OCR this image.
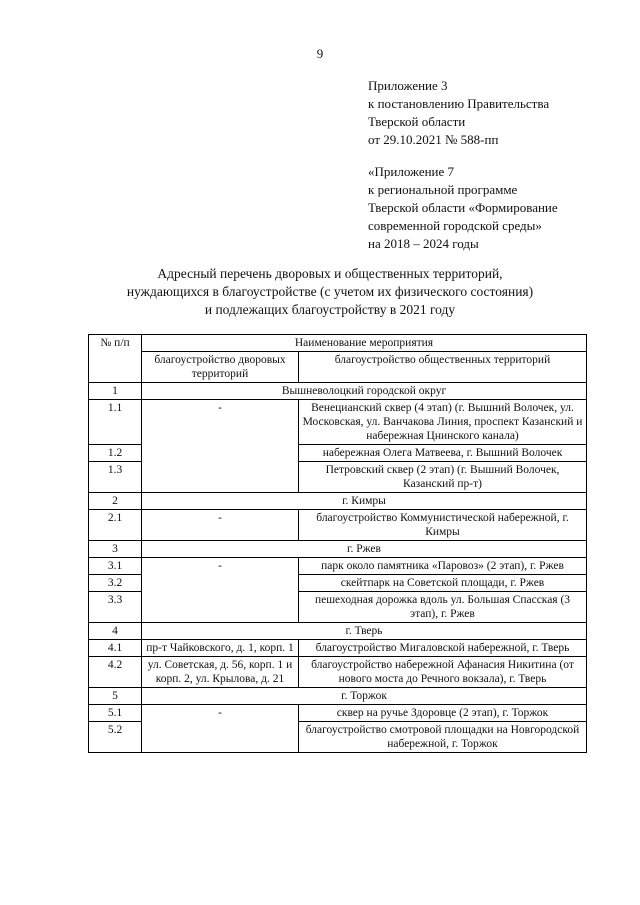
9
Приложение 3
к постановлению Правительства
Тверской области
от 29.10.2021 № 588-пп
«Приложение 7
к региональной программе
Тверской области «Формирование
современной городской среды»
на 2018 – 2024 годы
Адресный перечень дворовых и общественных территорий,
нуждающихся в благоустройстве (с учетом их физического состояния)
и подлежащих благоустройству в 2021 году
№ п/п	Наименование мероприятия	
	благоустройство дворовых территорий	благоустройство общественных территорий
1	Вышневолоцкий городской округ	
1.1	-	Венецианский сквер (4 этап) (г. Вышний Волочек, ул. Московская, ул. Ванчакова Линия, проспект Казанский и набережная Цнинского канала)
1.2		набережная Олега Матвеева, г. Вышний Волочек
1.3		Петровский сквер (2 этап) (г. Вышний Волочек, Казанский пр-т)
2	г. Кимры	
2.1	-	благоустройство Коммунистической набережной, г. Кимры
3	г. Ржев	
3.1	-	парк около памятника «Паровоз» (2 этап), г. Ржев
3.2		скейтпарк на Советской площади, г. Ржев
3.3		пешеходная дорожка вдоль ул. Большая Спасская (3 этап), г. Ржев
4	г. Тверь	
4.1	пр-т Чайковского, д. 1, корп. 1	благоустройство Мигаловской набережной, г. Тверь
4.2	ул. Советская, д. 56, корп. 1 и корп. 2, ул. Крылова, д. 21	благоустройство набережной Афанасия Никитина (от нового моста до Речного вокзала), г. Тверь
5	г. Торжок	
5.1	-	сквер на ручье Здоровце (2 этап), г. Торжок
5.2		благоустройство смотровой площадки на Новгородской набережной, г. Торжок
